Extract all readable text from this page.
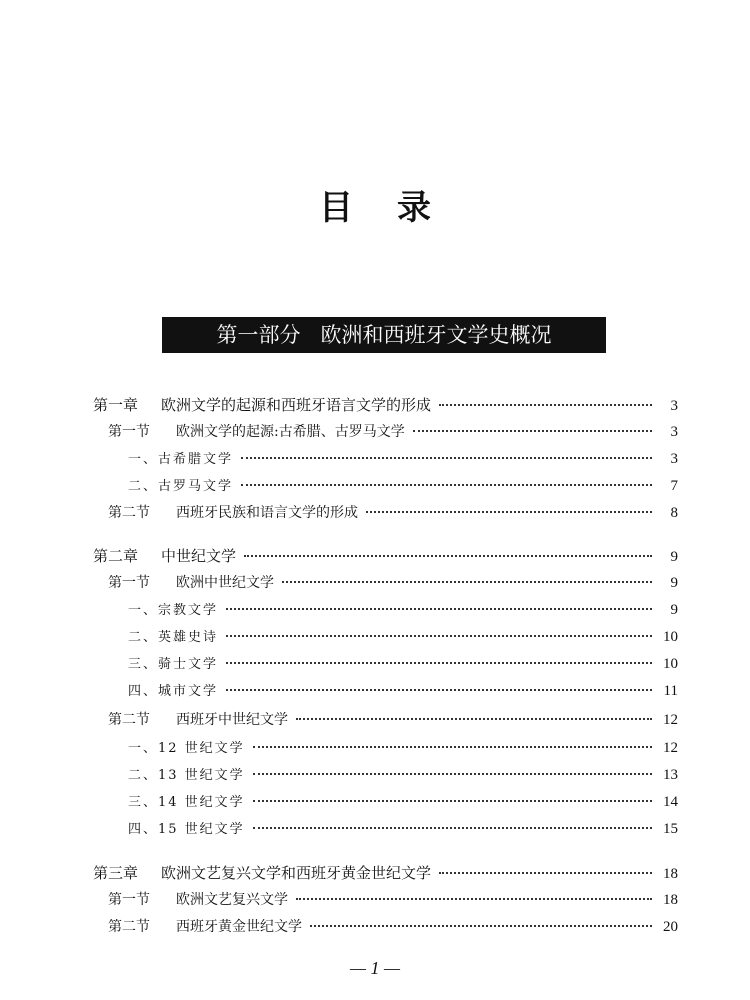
目录
第一部分   欧洲和西班牙文学史概况
第一章	欧洲文学的起源和西班牙语言文学的形成	3
第一节	欧洲文学的起源:古希腊、古罗马文学	3
一、古希腊文学	3
二、古罗马文学	7
第二节	西班牙民族和语言文学的形成	8
第二章	中世纪文学	9
第一节	欧洲中世纪文学	9
一、宗教文学	9
二、英雄史诗	10
三、骑士文学	10
四、城市文学	11
第二节	西班牙中世纪文学	12
一、12 世纪文学	12
二、13 世纪文学	13
三、14 世纪文学	14
四、15 世纪文学	15
第三章	欧洲文艺复兴文学和西班牙黄金世纪文学	18
第一节	欧洲文艺复兴文学	18
第二节	西班牙黄金世纪文学	20
— 1 —
